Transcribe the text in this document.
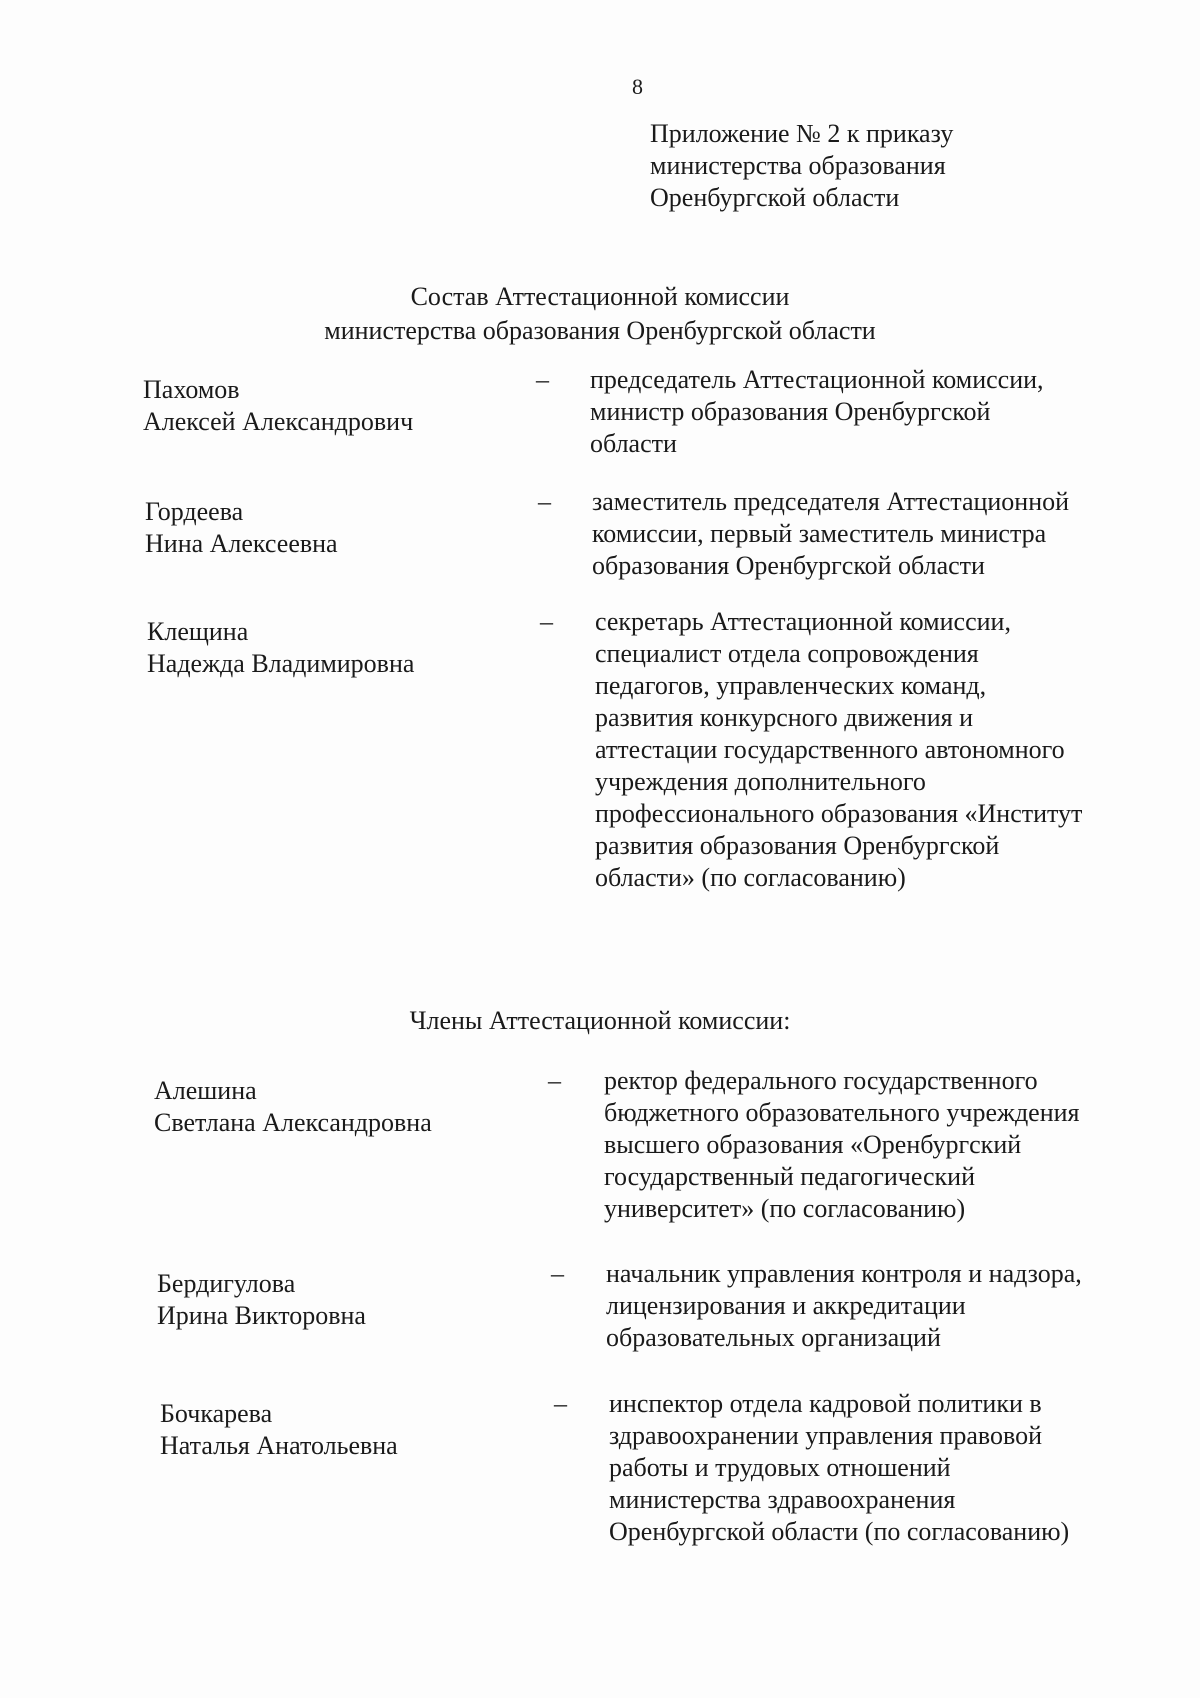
8
Приложение № 2 к приказу
министерства образования
Оренбургской области
Состав Аттестационной комиссии
министерства образования Оренбургской области
Пахомов
Алексей Александрович
– председатель Аттестационной комиссии,
министр образования Оренбургской
области
Гордеева
Нина Алексеевна
– заместитель председателя Аттестационной
комиссии, первый заместитель министра
образования Оренбургской области
Клещина
Надежда Владимировна
– секретарь Аттестационной комиссии,
специалист отдела сопровождения
педагогов, управленческих команд,
развития конкурсного движения и
аттестации государственного автономного
учреждения дополнительного
профессионального образования «Институт
развития образования Оренбургской
области» (по согласованию)
Члены Аттестационной комиссии:
Алешина
Светлана Александровна
– ректор федерального государственного
бюджетного образовательного учреждения
высшего образования «Оренбургский
государственный педагогический
университет» (по согласованию)
Бердигулова
Ирина Викторовна
– начальник управления контроля и надзора,
лицензирования и аккредитации
образовательных организаций
Бочкарева
Наталья Анатольевна
– инспектор отдела кадровой политики в
здравоохранении управления правовой
работы и трудовых отношений
министерства здравоохранения
Оренбургской области (по согласованию)
